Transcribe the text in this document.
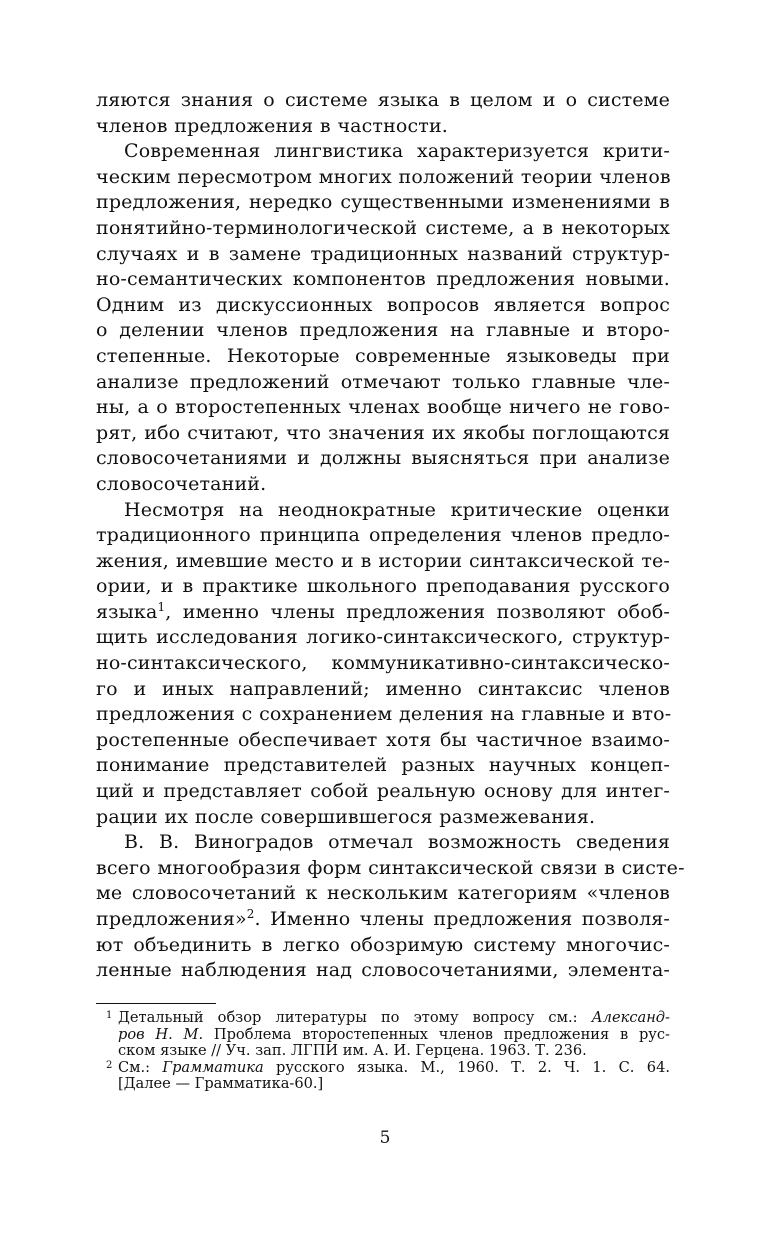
ляются знания о системе языка в целом и о системе
членов предложения в частности.
Современная лингвистика характеризуется крити-
ческим пересмотром многих положений теории членов
предложения, нередко существенными изменениями в
понятийно-терминологической системе, а в некоторых
случаях и в замене традиционных названий структур-
но-семантических компонентов предложения новыми.
Одним из дискуссионных вопросов является вопрос
о делении членов предложения на главные и второ-
степенные. Некоторые современные языковеды при
анализе предложений отмечают только главные чле-
ны, а о второстепенных членах вообще ничего не гово-
рят, ибо считают, что значения их якобы поглощаются
словосочетаниями и должны выясняться при анализе
словосочетаний.
Несмотря на неоднократные критические оценки
традиционного принципа определения членов предло-
жения, имевшие место и в истории синтаксической те-
ории, и в практике школьного преподавания русского
языка$^1$, именно члены предложения позволяют обоб-
щить исследования логико-синтаксического, структур-
но-синтаксического, коммуникативно-синтаксическо-
го и иных направлений; именно синтаксис членов
предложения с сохранением деления на главные и вто-
ростепенные обеспечивает хотя бы частичное взаимо-
понимание представителей разных научных концеп-
ций и представляет собой реальную основу для интег-
рации их после совершившегося размежевания.
В. В. Виноградов отмечал возможность сведения
всего многообразия форм синтаксической связи в систе-
ме словосочетаний к нескольким категориям «членов
предложения»$^2$. Именно члены предложения позволя-
ют объединить в легко обозримую систему многочис-
ленные наблюдения над словосочетаниями, элемента-
1 Детальный обзор литературы по этому вопросу см.: Александ-
ров Н. М. Проблема второстепенных членов предложения в рус-
ском языке // Уч. зап. ЛГПИ им. А. И. Герцена. 1963. Т. 236.
2 См.: Грамматика русского языка. М., 1960. Т. 2. Ч. 1. С. 64.
[Далее — Грамматика-60.]
5
